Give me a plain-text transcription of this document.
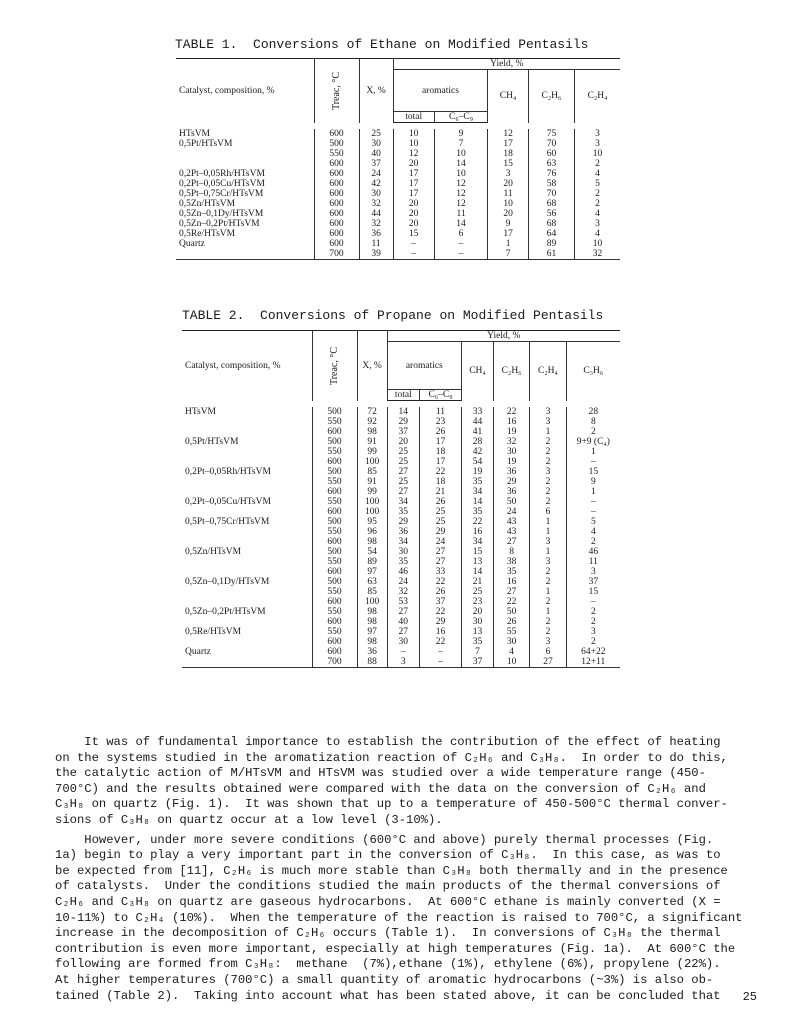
TABLE 1.  Conversions of Ethane on Modified Pentasils
Catalyst, composition, %	Treac, °C	X, %	Yield, %				
			aromatics		CH₄	C₂H₆	C₂H₄
			total	C₆–C₉			

HTsVM	600	25	10	9	12	75	3
0,5Pt/HTsVM	500	30	10	7	17	70	3
	550	40	12	10	18	60	10
	600	37	20	14	15	63	2
0,2Pt–0,05Rh/HTsVM	600	24	17	10	3	76	4
0,2Pt–0,05Cu/HTsVM	600	42	17	12	20	58	5
0,5Pt–0,75Cr/HTsVM	600	30	17	12	11	70	2
0,5Zn/HTsVM	600	32	20	12	10	68	2
0,5Zn–0,1Dy/HTsVM	600	44	20	11	20	56	4
0,5Zn–0,2Pt/HTsVM	600	32	20	14	9	68	3
0,5Re/HTsVM	600	36	15	6	17	64	4
Quartz	600	11	–	–	1	89	10
	700	39	–	–	7	61	32
TABLE 2.  Conversions of Propane on Modified Pentasils
Catalyst, composition, %	Treac, °C	X, %	Yield, %					
			aromatics		CH₄	C₂H₆	C₂H₄	C₃H₆
			total	C₆–C₉				

HTsVM	500	72	14	11	33	22	3	28
	550	92	29	23	44	16	3	8
	600	98	37	26	41	19	1	2
0,5Pt/HTsVM	500	91	20	17	28	32	2	9+9 (C₄)
	550	99	25	18	42	30	2	1
	600	100	25	17	54	19	2	–
0,2Pt–0,05Rh/HTsVM	500	85	27	22	19	36	3	15
	550	91	25	18	35	29	2	9
	600	99	27	21	34	36	2	1
0,2Pt–0,05Cu/HTsVM	550	100	34	26	14	50	2	–
	600	100	35	25	35	24	6	–
0,5Pt–0,75Cr/HTsVM	500	95	29	25	22	43	1	5
	550	96	36	29	16	43	1	4
	600	98	34	24	34	27	3	2
0,5Zn/HTsVM	500	54	30	27	15	8	1	46
	550	89	35	27	13	38	3	11
	600	97	46	33	14	35	2	3
0,5Zn–0,1Dy/HTsVM	500	63	24	22	21	16	2	37
	550	85	32	26	25	27	1	15
	600	100	53	37	23	22	2	–
0,5Zn–0,2Pt/HTsVM	550	98	27	22	20	50	1	2
	600	98	40	29	30	26	2	2
0,5Re/HTsVM	550	97	27	16	13	55	2	3
	600	98	30	22	35	30	3	2
Quartz	600	36	–	–	7	4	6	64+22
	700	88	3	–	37	10	27	12+11

It was of fundamental importance to establish the contribution of the effect of heating

on the systems studied in the aromatization reaction of C₂H₆ and C₃H₈.  In order to do this,

the catalytic action of M/HTsVM and HTsVM was studied over a wide temperature range (450-

700°C) and the results obtained were compared with the data on the conversion of C₂H₆ and

C₃H₈ on quartz (Fig. 1).  It was shown that up to a temperature of 450-500°C thermal conver-

sions of C₃H₈ on quartz occur at a low level (3-10%).

However, under more severe conditions (600°C and above) purely thermal processes (Fig.

1a) begin to play a very important part in the conversion of C₃H₈.  In this case, as was to

be expected from [11], C₂H₆ is much more stable than C₃H₈ both thermally and in the presence

of catalysts.  Under the conditions studied the main products of the thermal conversions of

C₂H₆ and C₃H₈ on quartz are gaseous hydrocarbons.  At 600°C ethane is mainly converted (X =

10-11%) to C₂H₄ (10%).  When the temperature of the reaction is raised to 700°C, a significant

increase in the decomposition of C₂H₆ occurs (Table 1).  In conversions of C₃H₈ the thermal

contribution is even more important, especially at high temperatures (Fig. 1a).  At 600°C the

following are formed from C₃H₈:  methane  (7%),ethane (1%), ethylene (6%), propylene (22%).

At higher temperatures (700°C) a small quantity of aromatic hydrocarbons (~3%) is also ob-

tained (Table 2).  Taking into account what has been stated above, it can be concluded that	25
